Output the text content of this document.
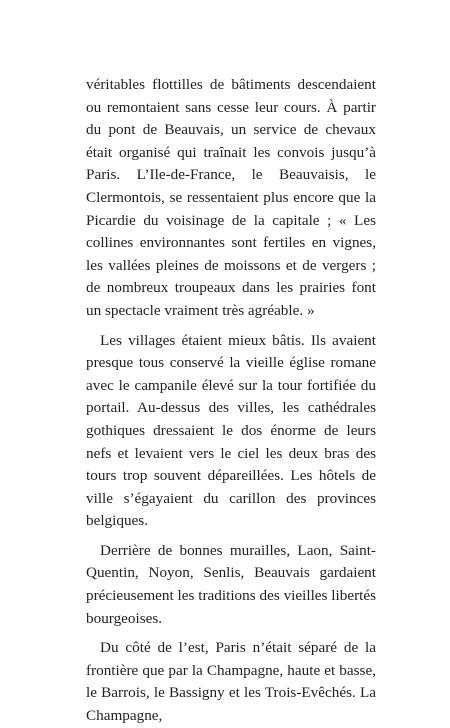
véritables flottilles de bâtiments descendaient ou remontaient sans cesse leur cours. À partir du pont de Beauvais, un service de chevaux était organisé qui traînait les convois jusqu’à Paris. L’Ile-de-France, le Beauvaisis, le Clermontois, se ressentaient plus encore que la Picardie du voisinage de la capitale ; « Les collines environnantes sont fertiles en vignes, les vallées pleines de moissons et de vergers ; de nombreux troupeaux dans les prairies font un spectacle vraiment très agréable. »

Les villages étaient mieux bâtis. Ils avaient presque tous conservé la vieille église romane avec le campanile élevé sur la tour fortifiée du portail. Au-dessus des villes, les cathédrales gothiques dressaient le dos énorme de leurs nefs et levaient vers le ciel les deux bras des tours trop souvent dépareillées. Les hôtels de ville s’égayaient du carillon des provinces belgiques.

Derrière de bonnes murailles, Laon, Saint-Quentin, Noyon, Senlis, Beauvais gardaient précieusement les traditions des vieilles libertés bourgeoises.

Du côté de l’est, Paris n’était séparé de la frontière que par la Champagne, haute et basse, le Barrois, le Bassigny et les Trois-Evêchés. La Champagne,
